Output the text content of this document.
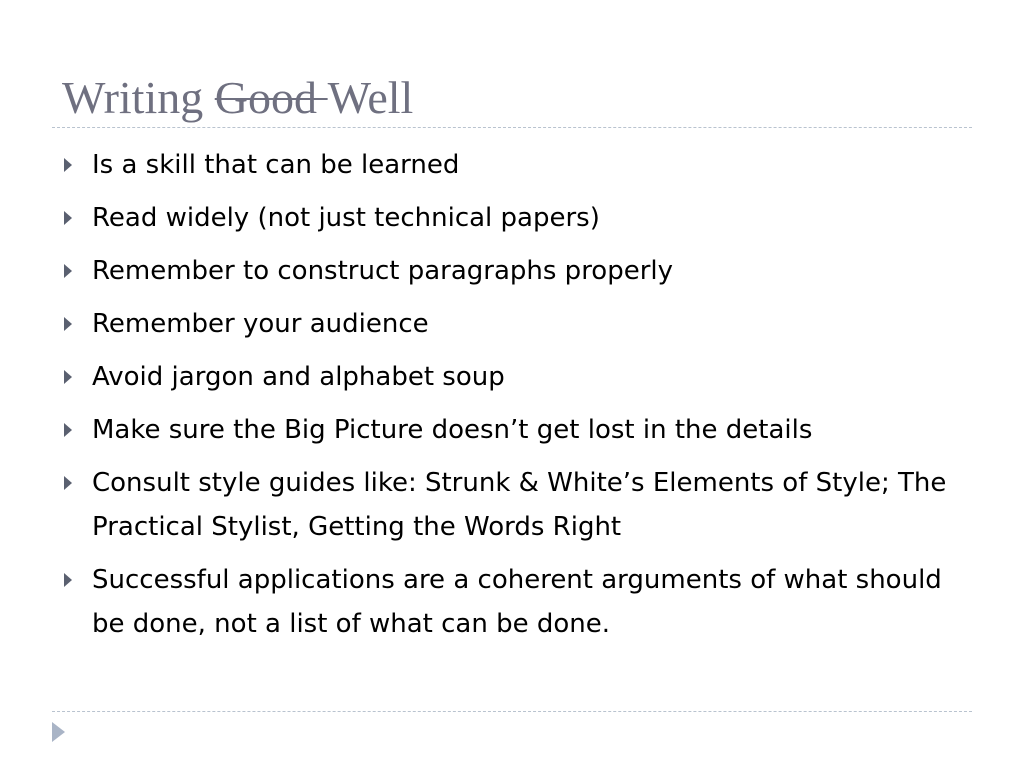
Writing Good Well
Is a skill that can be learned
Read widely (not just technical papers)
Remember to construct paragraphs properly
Remember your audience
Avoid jargon and alphabet soup
Make sure the Big Picture doesn’t get lost in the details
Consult style guides like: Strunk & White’s Elements of Style; The Practical Stylist, Getting the Words Right
Successful applications are a coherent arguments of what should be done, not a list of what can be done.
